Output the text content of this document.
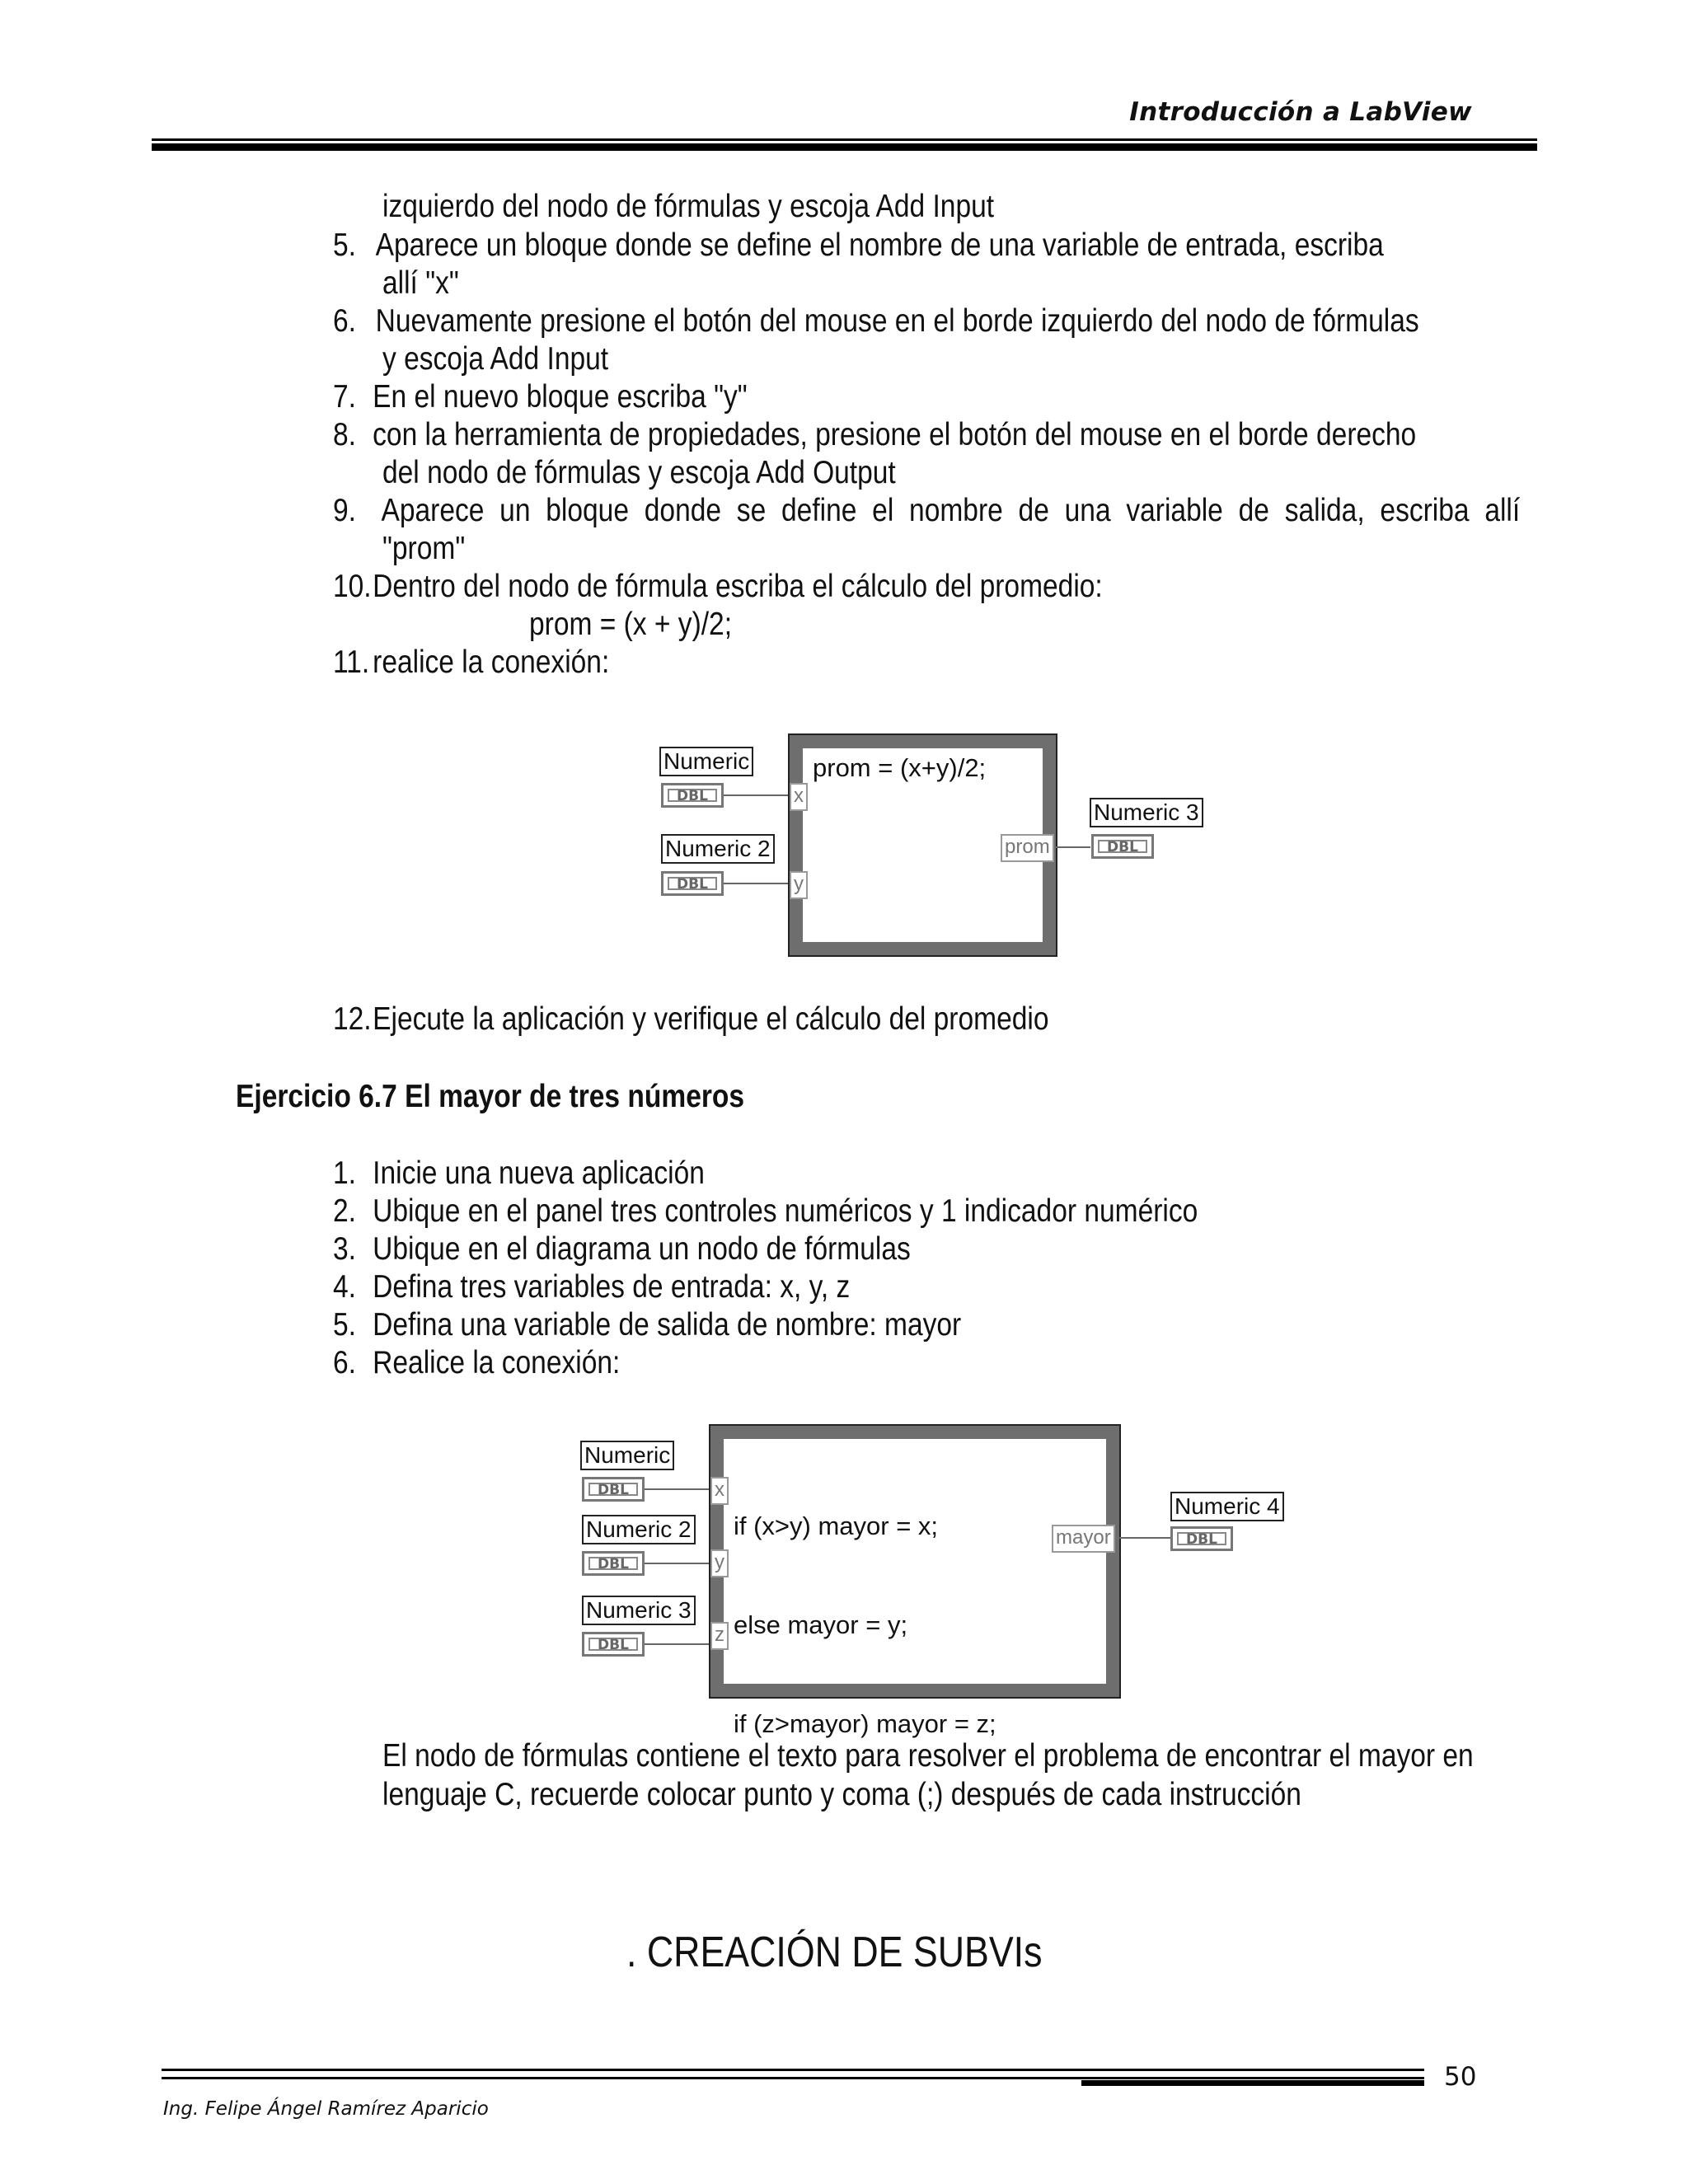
Introducción a LabView
izquierdo del nodo de fórmulas y escoja Add Input
5. Aparece un bloque donde se define el nombre de una variable de entrada, escriba
allí "x"
6. Nuevamente presione el botón del mouse en el borde izquierdo del nodo de fórmulas
y escoja Add Input
7. En el nuevo bloque escriba "y"
8. con la herramienta de propiedades, presione el botón del mouse en el borde derecho
del nodo de fórmulas y escoja Add Output
9. Aparece un bloque donde se define el nombre de una variable de salida, escriba allí
"prom"
10.Dentro del nodo de fórmula escriba el cálculo del promedio:
prom = (x + y)/2;
11. realice la conexión:
Numeric
DBL
Numeric 2
DBL
prom = (x+y)/2;
x
y
prom
Numeric 3
DBL
12.Ejecute la aplicación y verifique el cálculo del promedio
Ejercicio 6.7 El mayor de tres números
1. Inicie una nueva aplicación
2. Ubique en el panel tres controles numéricos y 1 indicador numérico
3. Ubique en el diagrama un nodo de fórmulas
4. Defina tres variables de entrada: x, y, z
5. Defina una variable de salida de nombre: mayor
6. Realice la conexión:
Numeric
DBL
Numeric 2
DBL
Numeric 3
DBL

if (x>y) mayor = x;

else mayor = y;

if (z>mayor) mayor = z;

x
y
z
mayor
Numeric 4
DBL
El nodo de fórmulas contiene el texto para resolver el problema de encontrar el mayor en
lenguaje C, recuerde colocar punto y coma (;) después de cada instrucción
. CREACIÓN DE SUBVIs
50
Ing. Felipe Ángel Ramírez Aparicio
